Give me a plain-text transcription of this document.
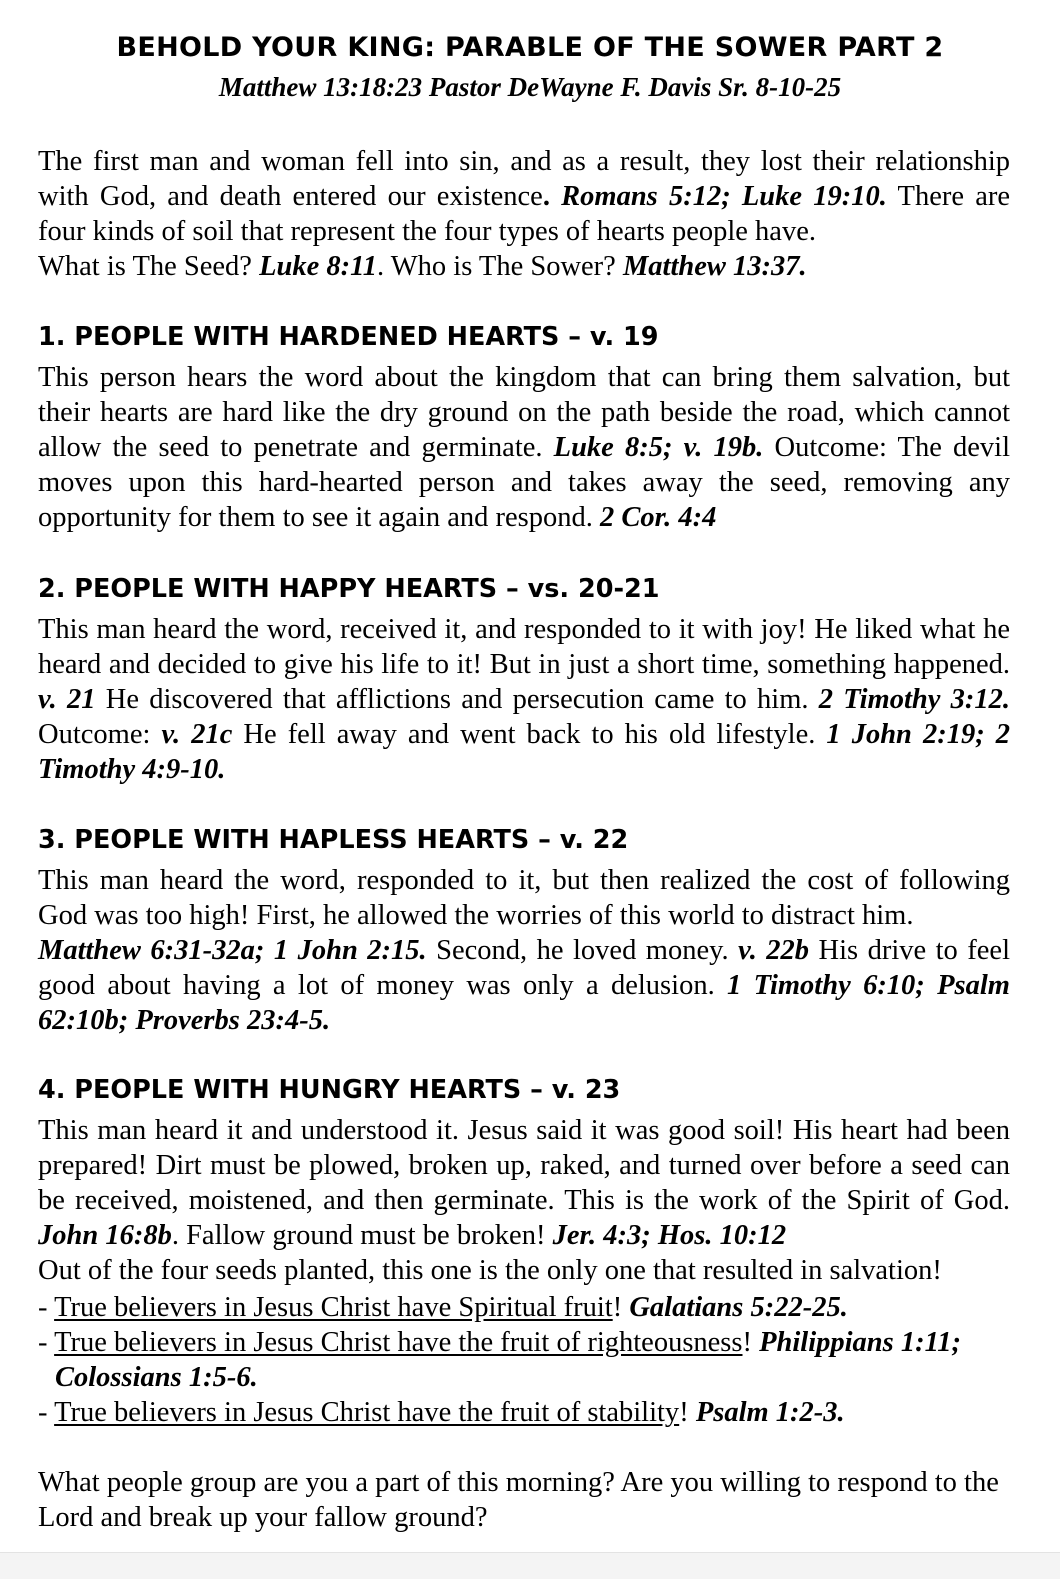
BEHOLD YOUR KING: PARABLE OF THE SOWER PART 2
Matthew 13:18:23 Pastor DeWayne F. Davis Sr. 8-10-25
The first man and woman fell into sin, and as a result, they lost their relationship with God, and death entered our existence. Romans 5:12; Luke 19:10. There are four kinds of soil that represent the four types of hearts people have.
What is The Seed? Luke 8:11. Who is The Sower? Matthew 13:37.
1. PEOPLE WITH HARDENED HEARTS – v. 19
This person hears the word about the kingdom that can bring them salvation, but their hearts are hard like the dry ground on the path beside the road, which cannot allow the seed to penetrate and germinate. Luke 8:5; v. 19b. Outcome: The devil moves upon this hard-hearted person and takes away the seed, removing any opportunity for them to see it again and respond. 2 Cor. 4:4
2. PEOPLE WITH HAPPY HEARTS – vs. 20-21
This man heard the word, received it, and responded to it with joy! He liked what he heard and decided to give his life to it! But in just a short time, something happened. v. 21 He discovered that afflictions and persecution came to him. 2 Timothy 3:12. Outcome: v. 21c He fell away and went back to his old lifestyle. 1 John 2:19; 2 Timothy 4:9-10.
3. PEOPLE WITH HAPLESS HEARTS – v. 22
This man heard the word, responded to it, but then realized the cost of following God was too high! First, he allowed the worries of this world to distract him.
Matthew 6:31-32a; 1 John 2:15. Second, he loved money. v. 22b His drive to feel good about having a lot of money was only a delusion. 1 Timothy 6:10; Psalm 62:10b; Proverbs 23:4-5.
4. PEOPLE WITH HUNGRY HEARTS – v. 23
This man heard it and understood it. Jesus said it was good soil! His heart had been prepared! Dirt must be plowed, broken up, raked, and turned over before a seed can be received, moistened, and then germinate. This is the work of the Spirit of God. John 16:8b. Fallow ground must be broken! Jer. 4:3; Hos. 10:12
Out of the four seeds planted, this one is the only one that resulted in salvation!
- True believers in Jesus Christ have Spiritual fruit! Galatians 5:22-25.
- True believers in Jesus Christ have the fruit of righteousness! Philippians 1:11;
Colossians 1:5-6.
- True believers in Jesus Christ have the fruit of stability! Psalm 1:2-3.
What people group are you a part of this morning? Are you willing to respond to the Lord and break up your fallow ground?
